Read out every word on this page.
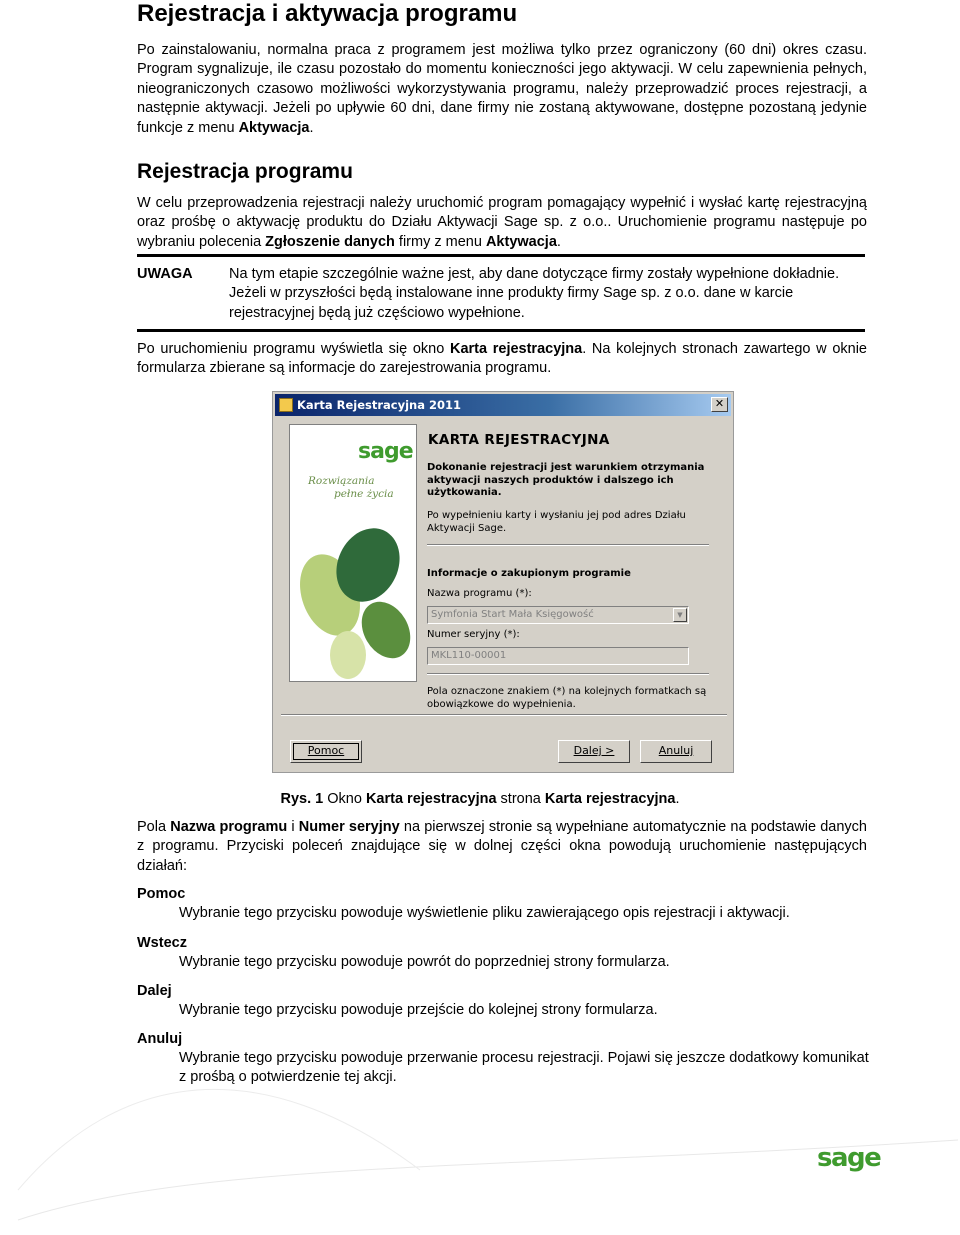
Rejestracja i aktywacja programu
Po zainstalowaniu, normalna praca z programem jest możliwa tylko przez ograniczony (60 dni) okres czasu. Program sygnalizuje, ile czasu pozostało do momentu konieczności jego aktywacji. W celu zapewnienia pełnych, nieograniczonych czasowo możliwości wykorzystywania programu, należy przeprowadzić proces rejestracji, a następnie aktywacji. Jeżeli po upływie 60 dni, dane firmy nie zostaną aktywowane, dostępne pozostaną jedynie funkcje z menu Aktywacja.
Rejestracja programu
W celu przeprowadzenia rejestracji należy uruchomić program pomagający wypełnić i wysłać kartę rejestracyjną oraz prośbę o aktywację produktu do Działu Aktywacji Sage sp. z o.o.. Uruchomienie programu następuje po wybraniu polecenia Zgłoszenie danych firmy z menu Aktywacja.
UWAGA	Na tym etapie szczególnie ważne jest, aby dane dotyczące firmy zostały wypełnione dokładnie. Jeżeli w przyszłości będą instalowane inne produkty firmy Sage sp. z o.o. dane w karcie rejestracyjnej będą już częściowo wypełnione.
Po uruchomieniu programu wyświetla się okno Karta rejestracyjna. Na kolejnych stronach zawartego w oknie formularza zbierane są informacje do zarejestrowania programu.
Karta Rejestracyjna 2011	✕
sage
Rozwiązania
pełne życia
KARTA REJESTRACYJNA
Dokonanie rejestracji jest warunkiem otrzymania aktywacji naszych produktów i dalszego ich użytkowania.
Po wypełnieniu karty i wysłaniu jej pod adres Działu Aktywacji Sage.
Informacje o zakupionym programie
Nazwa programu (*):
Symfonia Start Mała Księgowość	▼
Numer seryjny (*):
MKL110-00001
Pola oznaczone znakiem (*) na kolejnych formatkach są obowiązkowe do wypełnienia.
Pomoc	Dalej >	Anuluj
Rys. 1 Okno Karta rejestracyjna strona Karta rejestracyjna.
Pola Nazwa programu i Numer seryjny na pierwszej stronie są wypełniane automatycznie na podstawie danych z programu. Przyciski poleceń znajdujące się w dolnej części okna powodują uruchomienie następujących działań:
Pomoc
Wybranie tego przycisku powoduje wyświetlenie pliku zawierającego opis rejestracji i aktywacji.
Wstecz
Wybranie tego przycisku powoduje powrót do poprzedniej strony formularza.
Dalej
Wybranie tego przycisku powoduje przejście do kolejnej strony formularza.
Anuluj
Wybranie tego przycisku powoduje przerwanie procesu rejestracji. Pojawi się jeszcze dodatkowy komunikat z prośbą o potwierdzenie tej akcji.
sage
